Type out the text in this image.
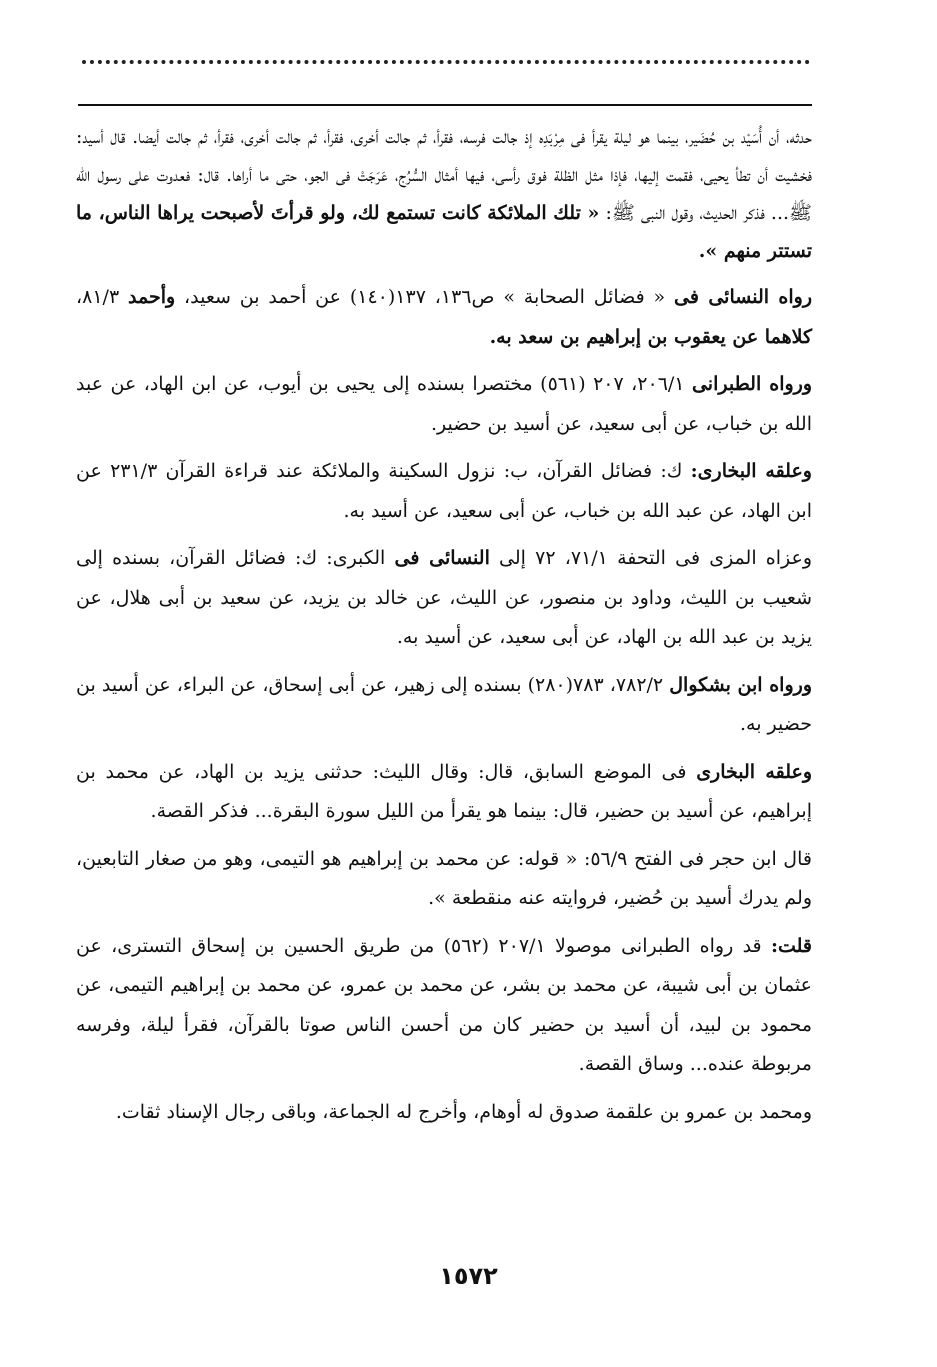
حدثه، أن أُسَيْد بن حُضَير، بينما هو ليلة يقرأ فى مِرْبَدِه إذ جالت فرسه، فقرأ، ثم جالت أخرى، فقرأ، ثم جالت أخرى، فقرأ، ثم جالت أيضا. قال أسيد: فخشيت أن تطأ يحيى، فقمت إليها، فإذا مثل الظلة فوق رأسى، فيها أمثال السُّرُج، عَرَجَتْ فى الجو، حتى ما أراها. قال: فعدوت على رسول الله ﷺ... فذكر الحديث، وقول النبى ﷺ: « تلك الملائكة كانت تستمع لك، ولو قرأتَ لأصبحت يراها الناس، ما تستتر منهم ».

رواه النسائى فى « فضائل الصحابة » ص١٣٦، ١٣٧(١٤٠) عن أحمد بن سعيد، وأحمد ٨١/٣، كلاهما عن يعقوب بن إبراهيم بن سعد به.

ورواه الطبرانى ٢٠٦/١، ٢٠٧ (٥٦١) مختصرا بسنده إلى يحيى بن أيوب، عن ابن الهاد، عن عبد الله بن خباب، عن أبى سعيد، عن أسيد بن حضير.

وعلقه البخارى: ك: فضائل القرآن، ب: نزول السكينة والملائكة عند قراءة القرآن ٢٣١/٣ عن ابن الهاد، عن عبد الله بن خباب، عن أبى سعيد، عن أسيد به.

وعزاه المزى فى التحفة ٧١/١، ٧٢ إلى النسائى فى الكبرى: ك: فضائل القرآن، بسنده إلى شعيب بن الليث، وداود بن منصور، عن الليث، عن خالد بن يزيد، عن سعيد بن أبى هلال، عن يزيد بن عبد الله بن الهاد، عن أبى سعيد، عن أسيد به.

ورواه ابن بشكوال ٧٨٢/٢، ٧٨٣(٢٨٠) بسنده إلى زهير، عن أبى إسحاق، عن البراء، عن أسيد بن حضير به.

وعلقه البخارى فى الموضع السابق، قال: وقال الليث: حدثنى يزيد بن الهاد، عن محمد بن إبراهيم، عن أسيد بن حضير، قال: بينما هو يقرأ من الليل سورة البقرة... فذكر القصة.

قال ابن حجر فى الفتح ٥٦/٩: « قوله: عن محمد بن إبراهيم هو التيمى، وهو من صغار التابعين، ولم يدرك أسيد بن حُضير، فروايته عنه منقطعة ».

قلت: قد رواه الطبرانى موصولا ٢٠٧/١ (٥٦٢) من طريق الحسين بن إسحاق التسترى، عن عثمان بن أبى شيبة، عن محمد بن بشر، عن محمد بن عمرو، عن محمد بن إبراهيم التيمى، عن محمود بن لبيد، أن أسيد بن حضير كان من أحسن الناس صوتا بالقرآن، فقرأ ليلة، وفرسه مربوطة عنده... وساق القصة.

ومحمد بن عمرو بن علقمة صدوق له أوهام، وأخرج له الجماعة، وباقى رجال الإسناد ثقات.

١٥٧٢
